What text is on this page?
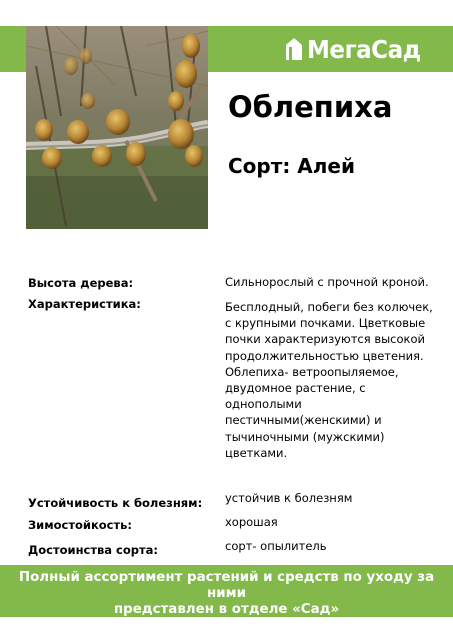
МегаСад
Облепиха
Сорт: Алей
Высота дерева:	Сильнорослый с прочной кроной.
Характеристика:	Бесплодный, побеги без колючек,
с крупными почками. Цветковые
почки характеризуются высокой
продолжительностью цветения.
Облепиха- ветроопыляемое,
двудомное растение, с
однополыми
пестичными(женскими) и
тычиночными (мужскими)
цветками.
Устойчивость к болезням: устойчив к болезням
Зимостойкость:	хорошая
Достоинства сорта:	сорт- опылитель
Полный ассортимент растений и средств по уходу за ними
представлен в отделе «Сад»
